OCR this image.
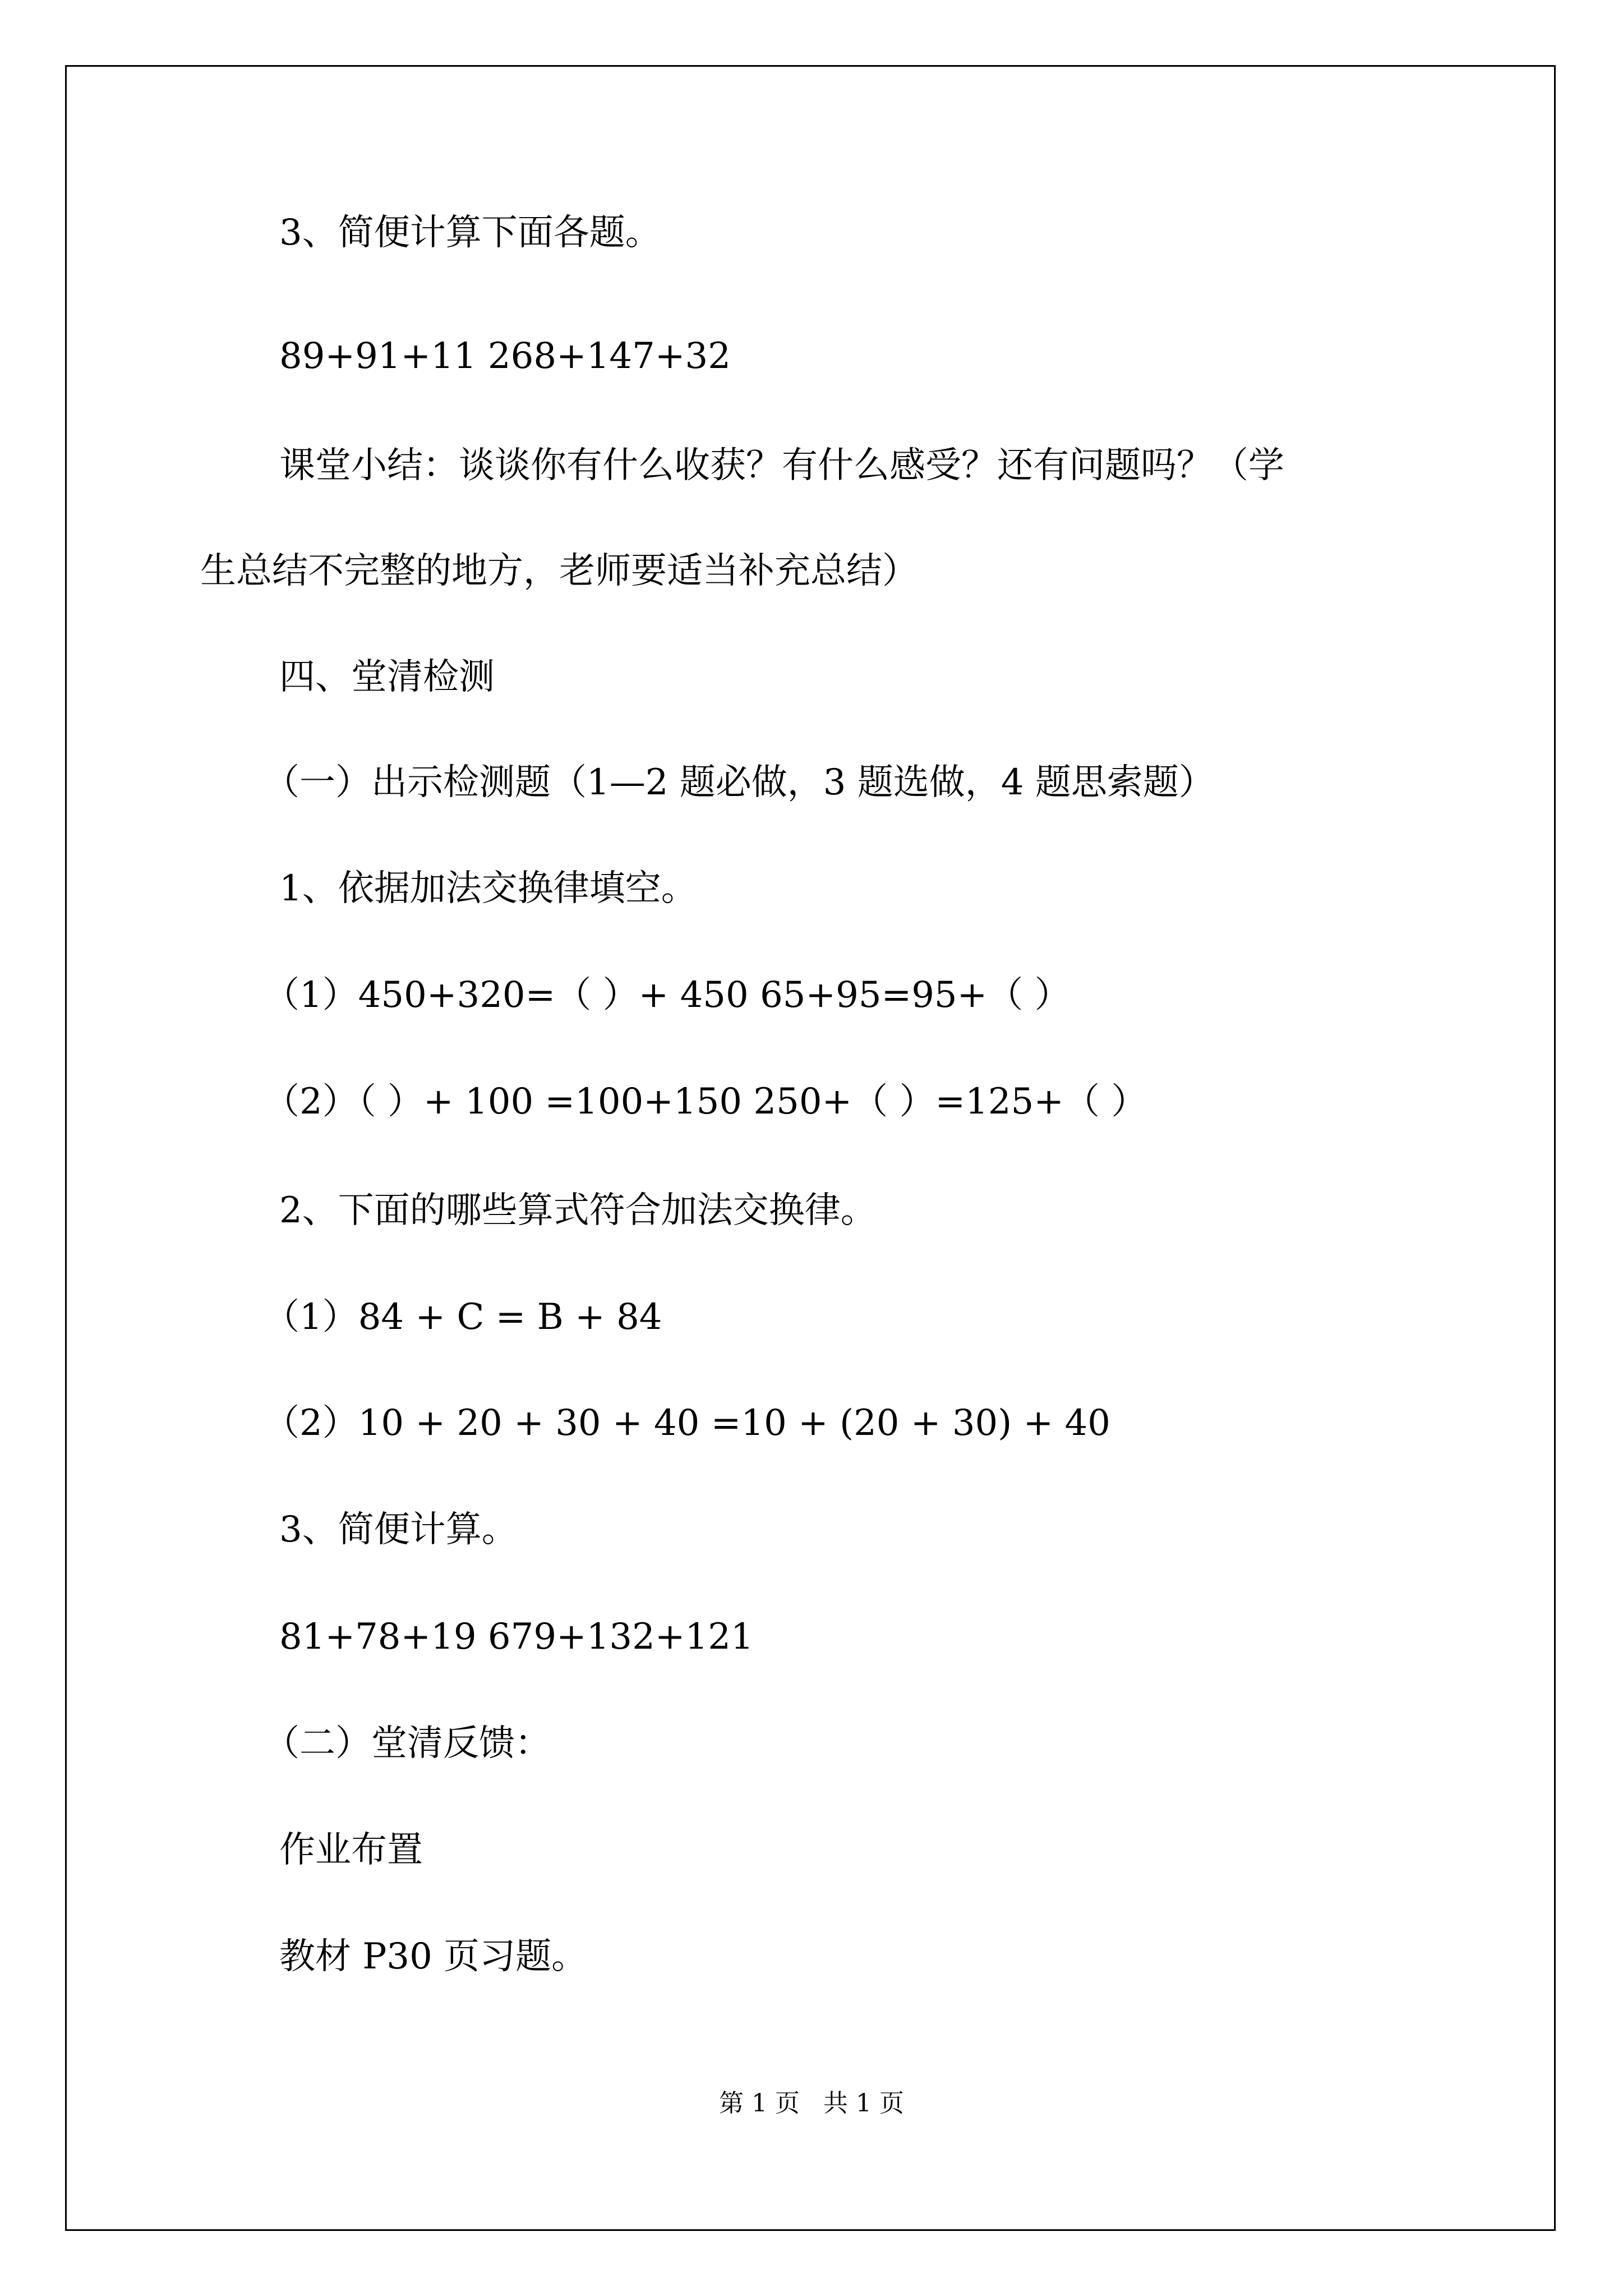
3、简便计算下面各题。
89+91+11 268+147+32
课堂小结：谈谈你有什么收获？有什么感受？还有问题吗？（学
生总结不完整的地方，老师要适当补充总结）
四、堂清检测
（一）出示检测题（1—2 题必做，3 题选做，4 题思索题）
1、依据加法交换律填空。
（1）450+320=（ ）+ 450 65+95=95+（ ）
（2）（ ）+ 100 =100+150 250+（ ）=125+（ ）
2、下面的哪些算式符合加法交换律。
（1）84 + C = B + 84
（2）10 + 20 + 30 + 40 =10 + (20 + 30) + 40
3、简便计算。
81+78+19 679+132+121
（二）堂清反馈：
作业布置
教材 P30 页习题。
第 1 页   共 1 页
